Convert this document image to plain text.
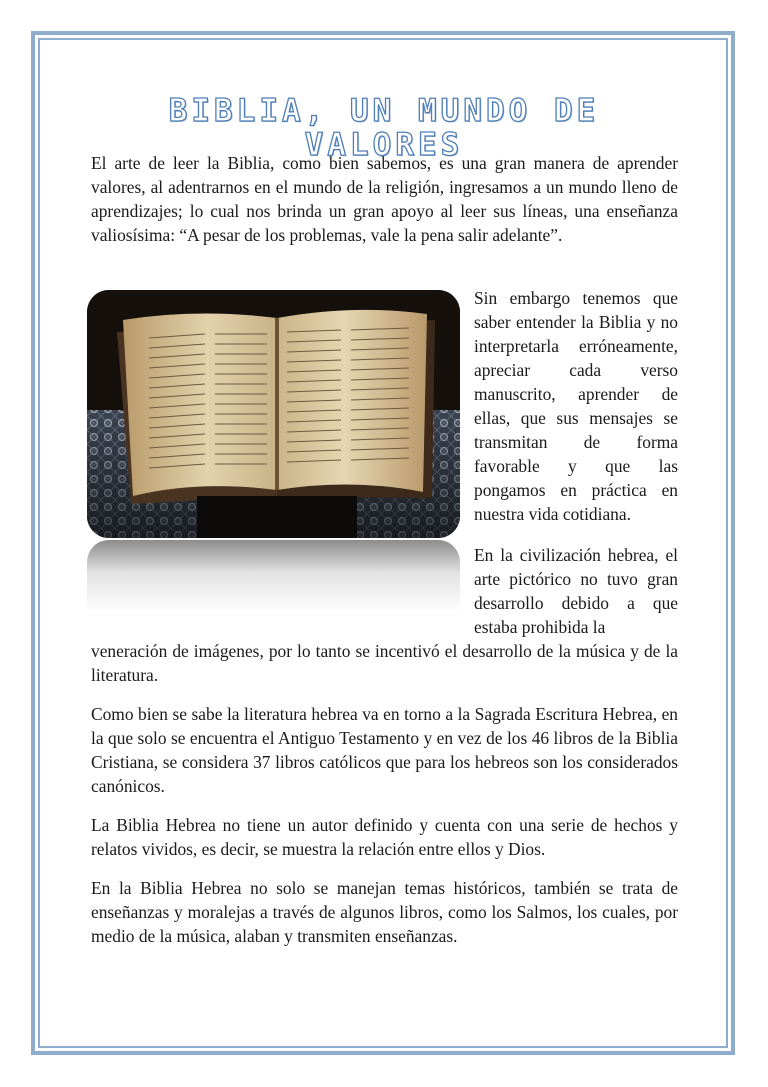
BIBLIA, UN MUNDO DE VALORES

El arte de leer la Biblia, como bien sabemos, es una gran manera de aprender valores, al adentrarnos en el mundo de la religión, ingresamos a un mundo lleno de aprendizajes; lo cual nos brinda un gran apoyo al leer sus líneas, una enseñanza valiosísima: “A pesar de los problemas, vale la pena salir adelante”.

Sin embargo tenemos que saber entender la Biblia y no interpretarla erróneamente, apreciar cada verso manuscrito, aprender de ellas, que sus mensajes se transmitan de forma favorable y que las pongamos en práctica en nuestra vida cotidiana.

En la civilización hebrea, el arte pictórico no tuvo gran desarrollo debido a que estaba prohibida la

veneración de imágenes, por lo tanto se incentivó el desarrollo de la música y de la literatura.

Como bien se sabe la literatura hebrea va en torno a la Sagrada Escritura Hebrea, en la que solo se encuentra el Antiguo Testamento y en vez de los 46 libros de la Biblia Cristiana, se considera 37 libros católicos que para los hebreos son los considerados canónicos.

La Biblia Hebrea no tiene un autor definido y cuenta con una serie de hechos y relatos vividos, es decir, se muestra la relación entre ellos y Dios.

En la Biblia Hebrea no solo se manejan temas históricos, también se trata de enseñanzas y moralejas a través de algunos libros, como los Salmos, los cuales, por medio de la música, alaban y transmiten enseñanzas.
